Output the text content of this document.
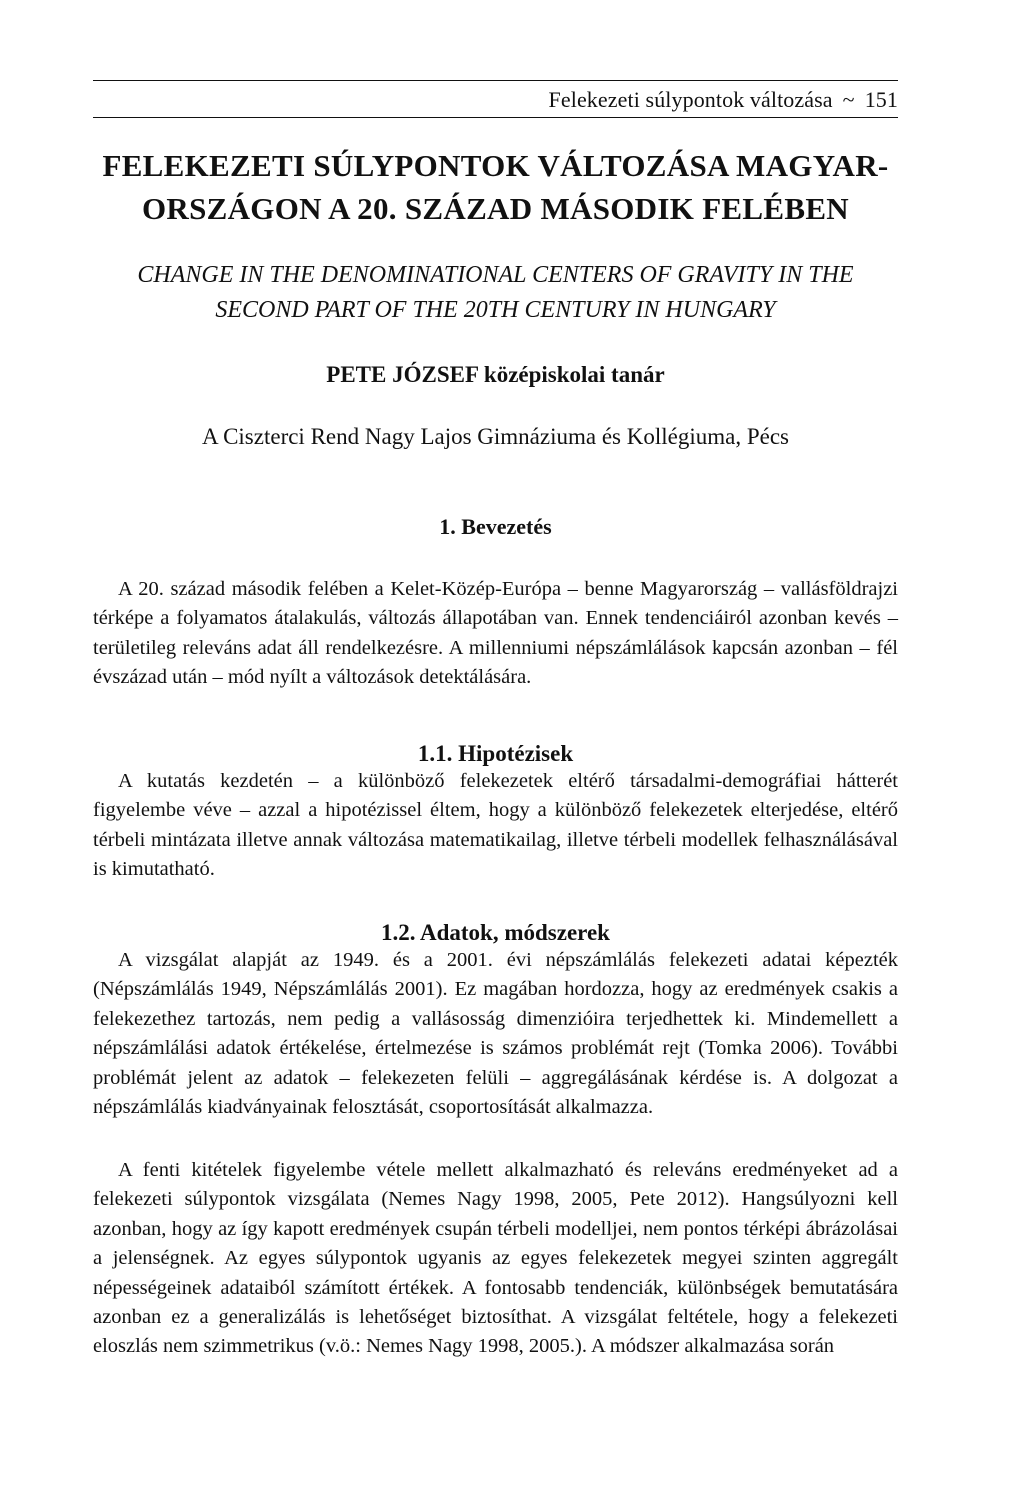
Felekezeti súlypontok változása ~ 151
FELEKEZETI SÚLYPONTOK VÁLTOZÁSA MAGYAR-
ORSZÁGON A 20. SZÁZAD MÁSODIK FELÉBEN

CHANGE IN THE DENOMINATIONAL CENTERS OF GRAVITY IN THE
SECOND PART OF THE 20TH CENTURY IN HUNGARY

PETE JÓZSEF középiskolai tanár

A Ciszterci Rend Nagy Lajos Gimnáziuma és Kollégiuma, Pécs

1. Bevezetés

A 20. század második felében a Kelet-Közép-Európa – benne Magyarország – vallásföldrajzi térképe a folyamatos átalakulás, változás állapotában van. Ennek tendenciáiról azonban kevés – területileg releváns adat áll rendelkezésre. A millenniumi népszámlálások kapcsán azonban – fél évszázad után – mód nyílt a változások detektálására.

1.1. Hipotézisek

A kutatás kezdetén – a különböző felekezetek eltérő társadalmi-demográfiai hátterét figyelembe véve – azzal a hipotézissel éltem, hogy a különböző felekezetek elterjedése, eltérő térbeli mintázata illetve annak változása matematikailag, illetve térbeli modellek felhasználásával is kimutatható.

1.2. Adatok, módszerek

A vizsgálat alapját az 1949. és a 2001. évi népszámlálás felekezeti adatai képezték (Népszámlálás 1949, Népszámlálás 2001). Ez magában hordozza, hogy az eredmények csakis a felekezethez tartozás, nem pedig a vallásosság dimenzióira terjedhettek ki. Mindemellett a népszámlálási adatok értékelése, értelmezése is számos problémát rejt (Tomka 2006). További problémát jelent az adatok – felekezeten felüli – aggregálásának kérdése is. A dolgozat a népszámlálás kiadványainak felosztását, csoportosítását alkalmazza.

A fenti kitételek figyelembe vétele mellett alkalmazható és releváns eredményeket ad a felekezeti súlypontok vizsgálata (Nemes Nagy 1998, 2005, Pete 2012). Hangsúlyozni kell azonban, hogy az így kapott eredmények csupán térbeli modelljei, nem pontos térképi ábrázolásai a jelenségnek. Az egyes súlypontok ugyanis az egyes felekezetek megyei szinten aggregált népességeinek adataiból számított értékek. A fontosabb tendenciák, különbségek bemutatására azonban ez a generalizálás is lehetőséget biztosíthat. A vizsgálat feltétele, hogy a felekezeti eloszlás nem szimmetrikus (v.ö.: Nemes Nagy 1998, 2005.). A módszer alkalmazása során
